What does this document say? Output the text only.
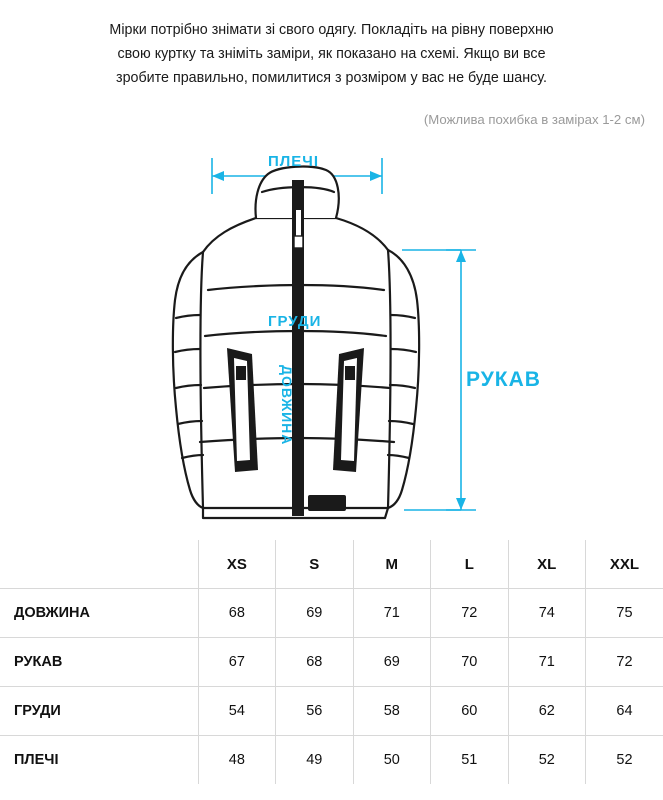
Мірки потрібно знімати зі свого одягу. Покладіть на рівну поверхню

свою куртку та зніміть заміри, як показано на схемі. Якщо ви все

зробите правильно, помилитися з розміром у вас не буде шансу.

(Можлива похибка в замірах 1-2 см)
ПЛЕЧІ
ГРУДИ
ДОВЖИНА	РУКАВ
	XS	S	M	L	XL	XXL
ДОВЖИНА	68	69	71	72	74	75
РУКАВ	67	68	69	70	71	72
ГРУДИ	54	56	58	60	62	64
ПЛЕЧІ	48	49	50	51	52	52
